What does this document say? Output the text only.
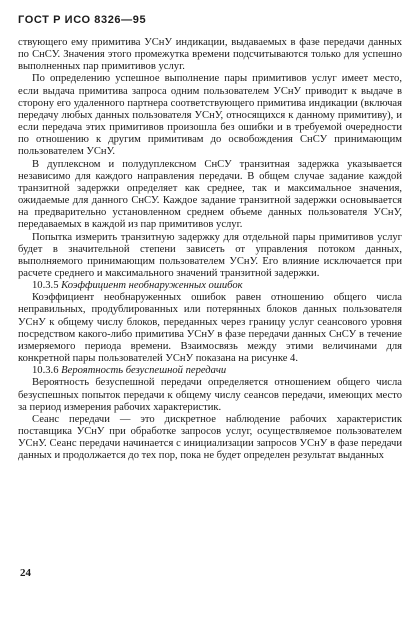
ГОСТ Р ИСО 8326—95

ствующего ему примитива УСнУ индикации, выдаваемых в фазе передачи данных по СнСУ. Значения этого промежутка времени подсчитываются только для успешно выполненных пар примитивов услуг.

По определению успешное выполнение пары примитивов услуг имеет место, если выдача примитива запроса одним пользователем УСнУ приводит к выдаче в сторону его удаленного партнера соответствующего примитива индикации (включая передачу любых данных пользователя УСнУ, относящихся к данному примитиву), и если передача этих примитивов произошла без ошибки и в требуемой очередности по отношению к другим примитивам до освобождения СнСУ принимающим пользователем УСнУ.

В дуплексном и полудуплексном СнСУ транзитная задержка указывается независимо для каждого направления передачи. В общем случае задание каждой транзитной задержки определяет как среднее, так и максимальное значения, ожидаемые для данного СнСУ. Каждое задание транзитной задержки основывается на предварительно установленном среднем объеме данных пользователя УСнУ, передаваемых в каждой из пар примитивов услуг.

Попытка измерить транзитную задержку для отдельной пары примитивов услуг будет в значительной степени зависеть от управления потоком данных, выполняемого принимающим пользователем УСнУ. Его влияние исключается при расчете среднего и максимального значений транзитной задержки.

10.3.5 Коэффициент необнаруженных ошибок

Коэффициент необнаруженных ошибок равен отношению общего числа неправильных, продублированных или потерянных блоков данных пользователя УСнУ к общему числу блоков, переданных через границу услуг сеансового уровня посредством какого-либо примитива УСнУ в фазе передачи данных СнСУ в течение измеряемого периода времени. Взаимосвязь между этими величинами для конкретной пары пользователей УСнУ показана на рисунке 4.

10.3.6 Вероятность безуспешной передачи

Вероятность безуспешной передачи определяется отношением общего числа безуспешных попыток передачи к общему числу сеансов передачи, имеющих место за период измерения рабочих характеристик.

Сеанс передачи — это дискретное наблюдение рабочих характеристик поставщика УСнУ при обработке запросов услуг, осуществляемое пользователем УСнУ. Сеанс передачи начинается с инициализации запросов УСнУ в фазе передачи данных и продолжается до тех пор, пока не будет определен результат выданных

24
